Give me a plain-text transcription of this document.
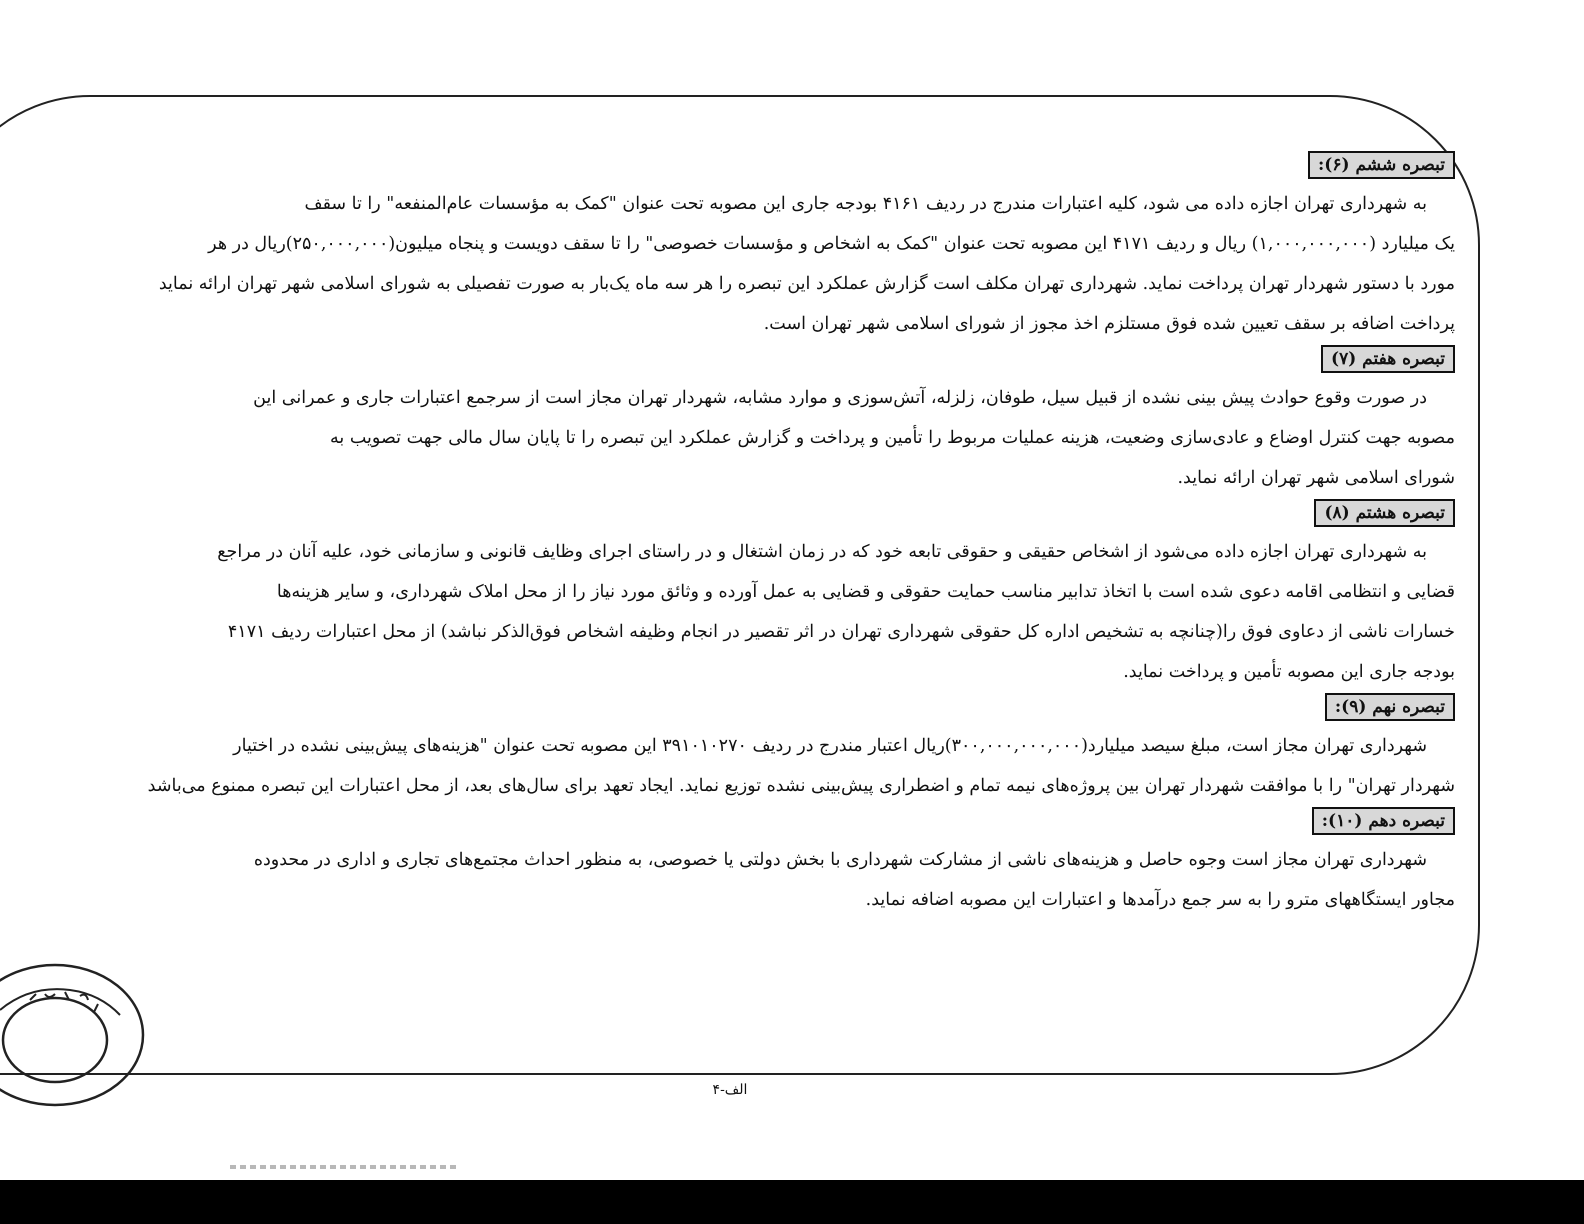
تبصره ششم (۶):

به شهرداری تهران اجازه داده می شود، کلیه اعتبارات مندرج در ردیف ۴۱۶۱ بودجه جاری این مصوبه تحت عنوان "کمک به مؤسسات عام‌المنفعه" را تا سقف

یک میلیارد (۱,۰۰۰,۰۰۰,۰۰۰) ریال و ردیف ۴۱۷۱ این مصوبه تحت عنوان "کمک به اشخاص و مؤسسات خصوصی" را تا سقف دویست و پنجاه میلیون(۲۵۰,۰۰۰,۰۰۰)ریال در هر

مورد با دستور شهردار تهران پرداخت نماید. شهرداری تهران مکلف است گزارش عملکرد این تبصره را هر سه ماه یک‌بار به صورت تفصیلی به شورای اسلامی شهر تهران ارائه نماید

پرداخت اضافه بر سقف تعیین شده فوق مستلزم اخذ مجوز از شورای اسلامی شهر تهران است.

تبصره هفتم (۷)

در صورت وقوع حوادث پیش بینی نشده از قبیل سیل، طوفان، زلزله، آتش‌سوزی و موارد مشابه، شهردار تهران مجاز است از سرجمع اعتبارات جاری و عمرانی این

مصوبه جهت کنترل اوضاع و عادی‌سازی وضعیت، هزینه عملیات مربوط را تأمین و پرداخت و گزارش عملکرد این تبصره را تا پایان سال مالی جهت تصویب به

شورای اسلامی شهر تهران ارائه نماید.

تبصره هشتم (۸)

به شهرداری تهران اجازه داده می‌شود از اشخاص حقیقی و حقوقی تابعه خود که در زمان اشتغال و در راستای اجرای وظایف قانونی و سازمانی خود، علیه آنان در مراجع

قضایی و انتظامی اقامه دعوی شده است با اتخاذ تدابیر مناسب حمایت حقوقی و قضایی به عمل آورده و وثائق مورد نیاز را از محل املاک شهرداری، و سایر هزینه‌ها

خسارات ناشی از دعاوی فوق را(چنانچه به تشخیص اداره کل حقوقی شهرداری تهران در اثر تقصیر در انجام وظیفه اشخاص فوق‌الذکر نباشد) از محل اعتبارات ردیف ۴۱۷۱

بودجه جاری این مصوبه تأمین و پرداخت نماید.

تبصره نهم (۹):

شهرداری تهران مجاز است، مبلغ سیصد میلیارد(۳۰۰,۰۰۰,۰۰۰,۰۰۰)ریال اعتبار مندرج در ردیف ۳۹۱۰۱۰۲۷۰ این مصوبه تحت عنوان "هزینه‌های پیش‌بینی نشده در اختیار

شهردار تهران" را با موافقت شهردار تهران بین پروژه‌های نیمه تمام و اضطراری پیش‌بینی نشده توزیع نماید. ایجاد تعهد برای سال‌های بعد، از محل اعتبارات این تبصره ممنوع می‌باشد

تبصره دهم (۱۰):

شهرداری تهران مجاز است وجوه حاصل و هزینه‌های ناشی از مشارکت شهرداری با بخش دولتی یا خصوصی، به منظور احداث مجتمع‌های تجاری و اداری در محدوده

مجاور ایستگاههای مترو را به سر جمع درآمدها و اعتبارات این مصوبه اضافه نماید.

الف-۴
